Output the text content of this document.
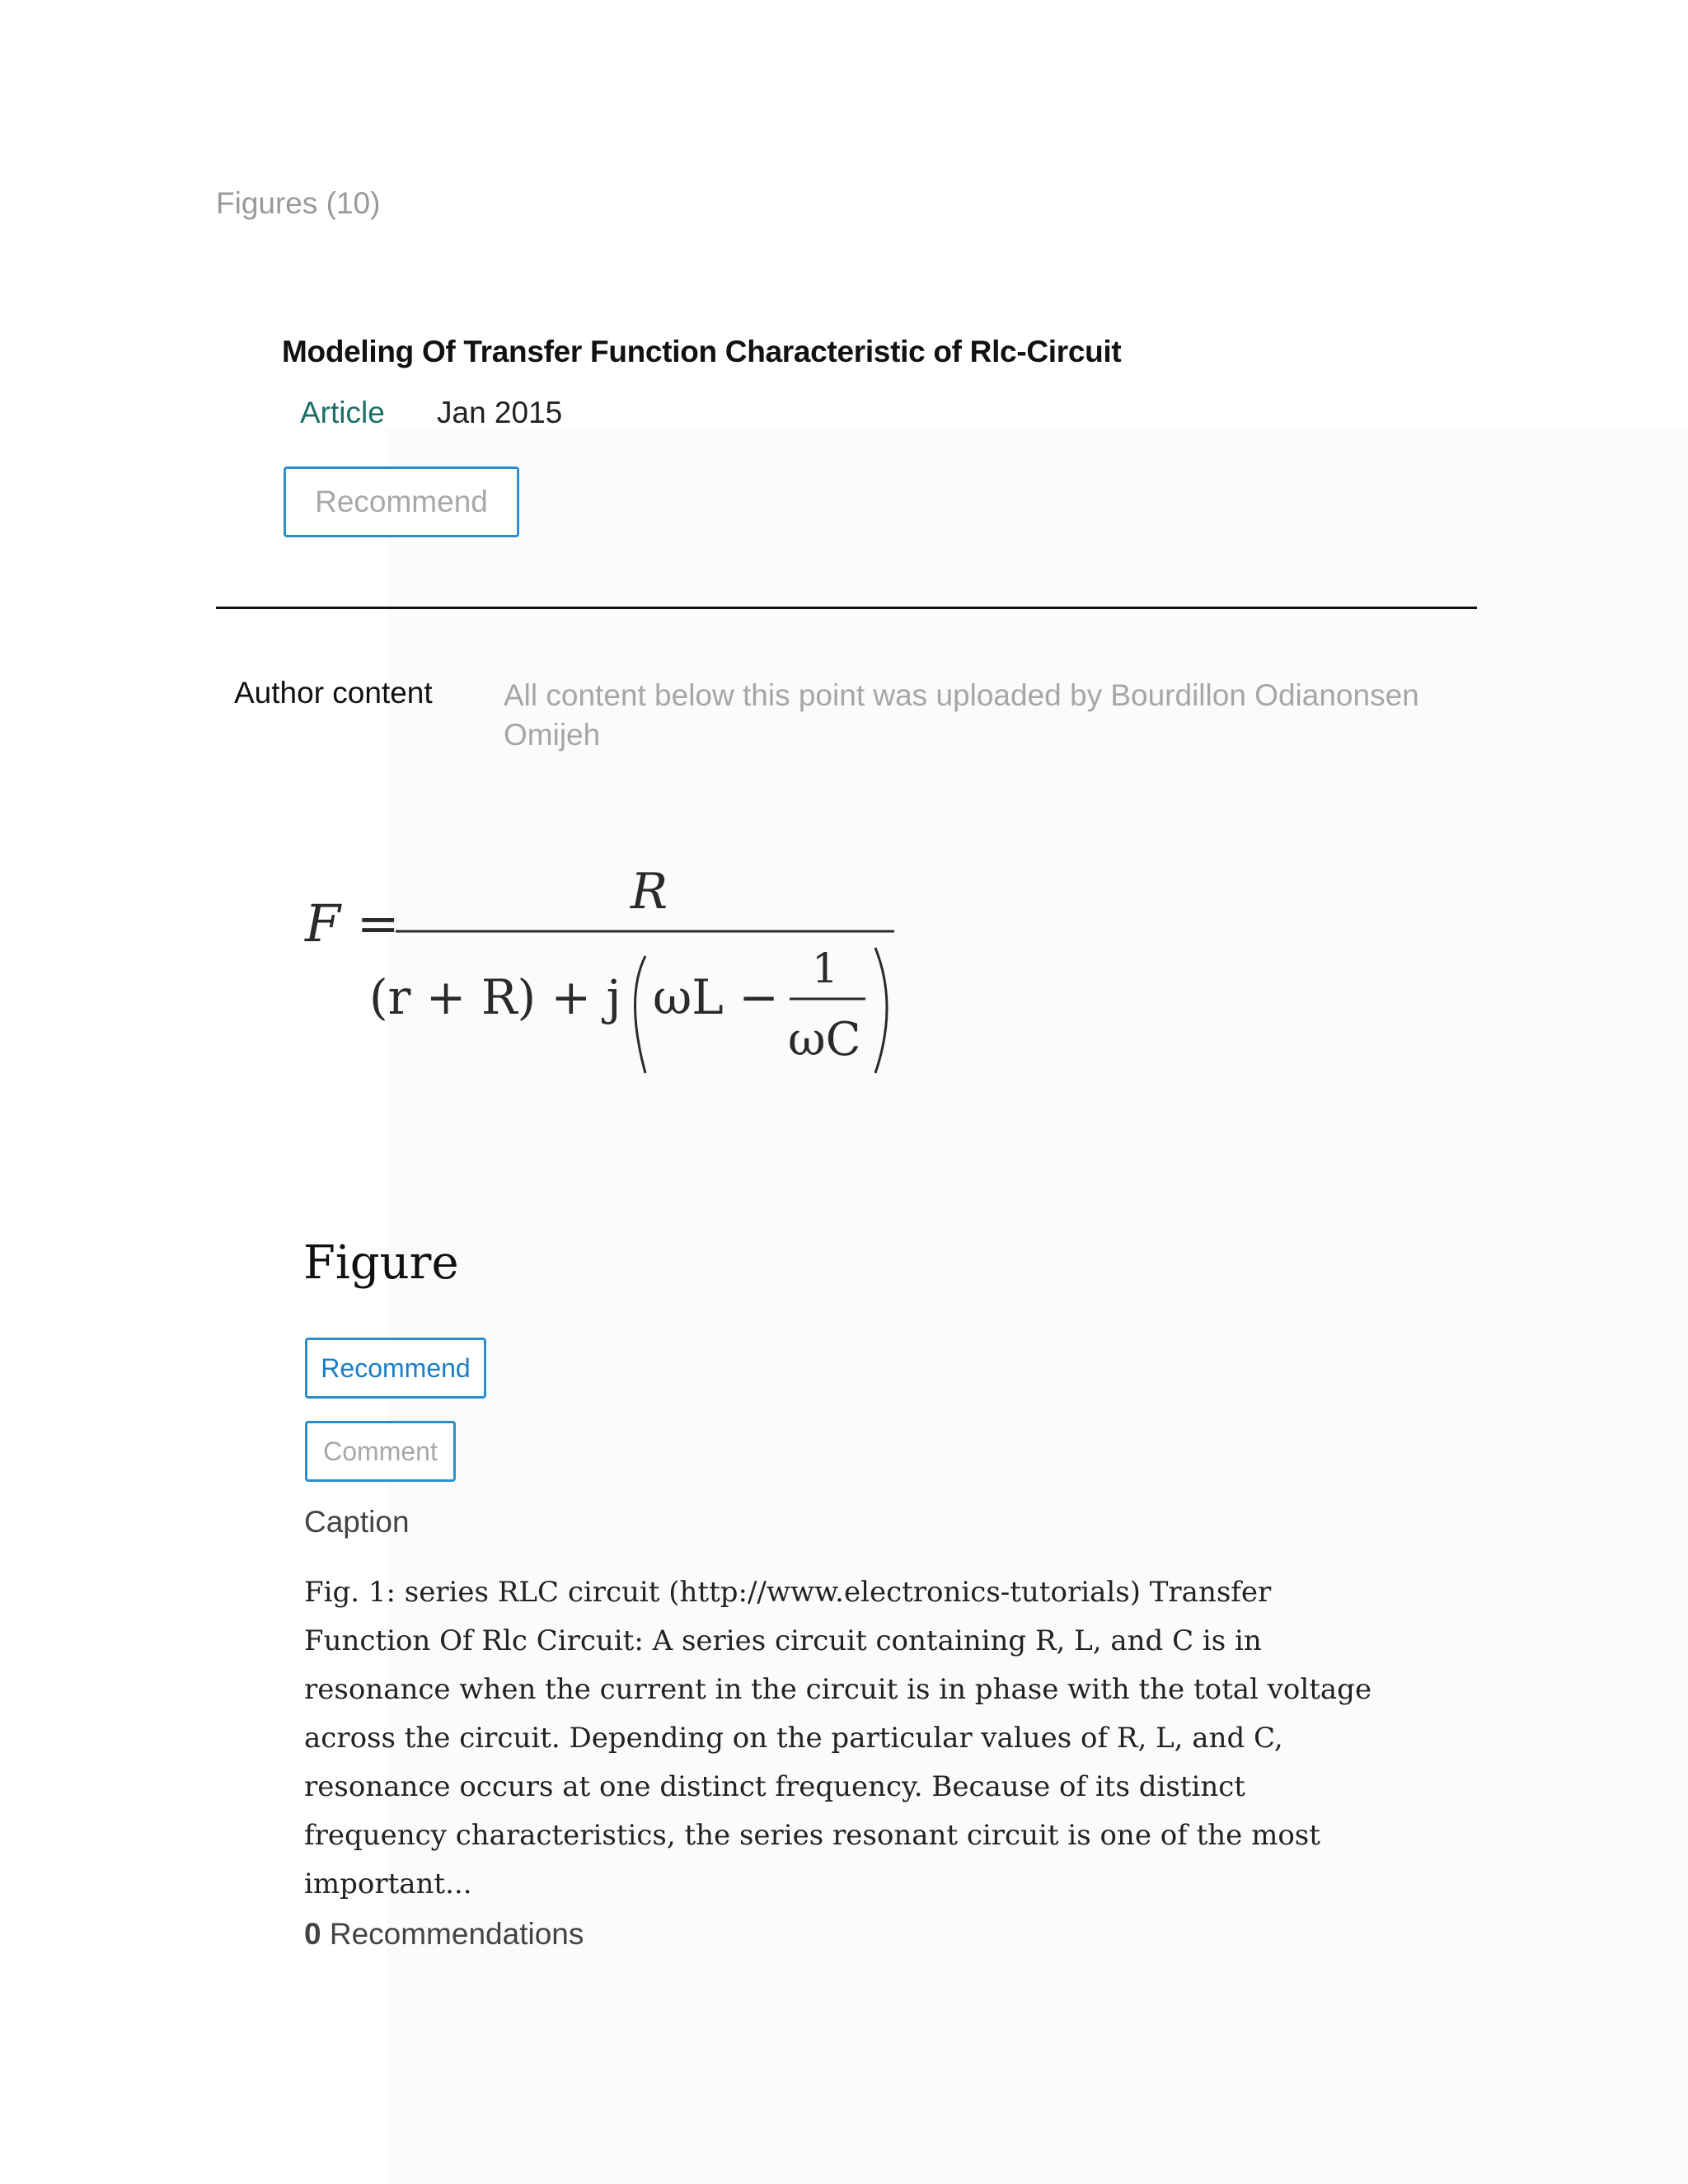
Figures (10)
Modeling Of Transfer Function Characteristic of Rlc-Circuit
Article Jan 2015
Recommend
Author content All content below this point was uploaded by Bourdillon Odianonsen Omijeh
F =
R
(r + R) + j ωL −
1
ωC
Figure
Recommend
Comment
Caption
Fig. 1: series RLC circuit (http://www.electronics-tutorials) Transfer Function Of Rlc Circuit: A series circuit containing R, L, and C is in resonance when the current in the circuit is in phase with the total voltage across the circuit. Depending on the particular values of R, L, and C, resonance occurs at one distinct frequency. Because of its distinct frequency characteristics, the series resonant circuit is one of the most important...
0 Recommendations
